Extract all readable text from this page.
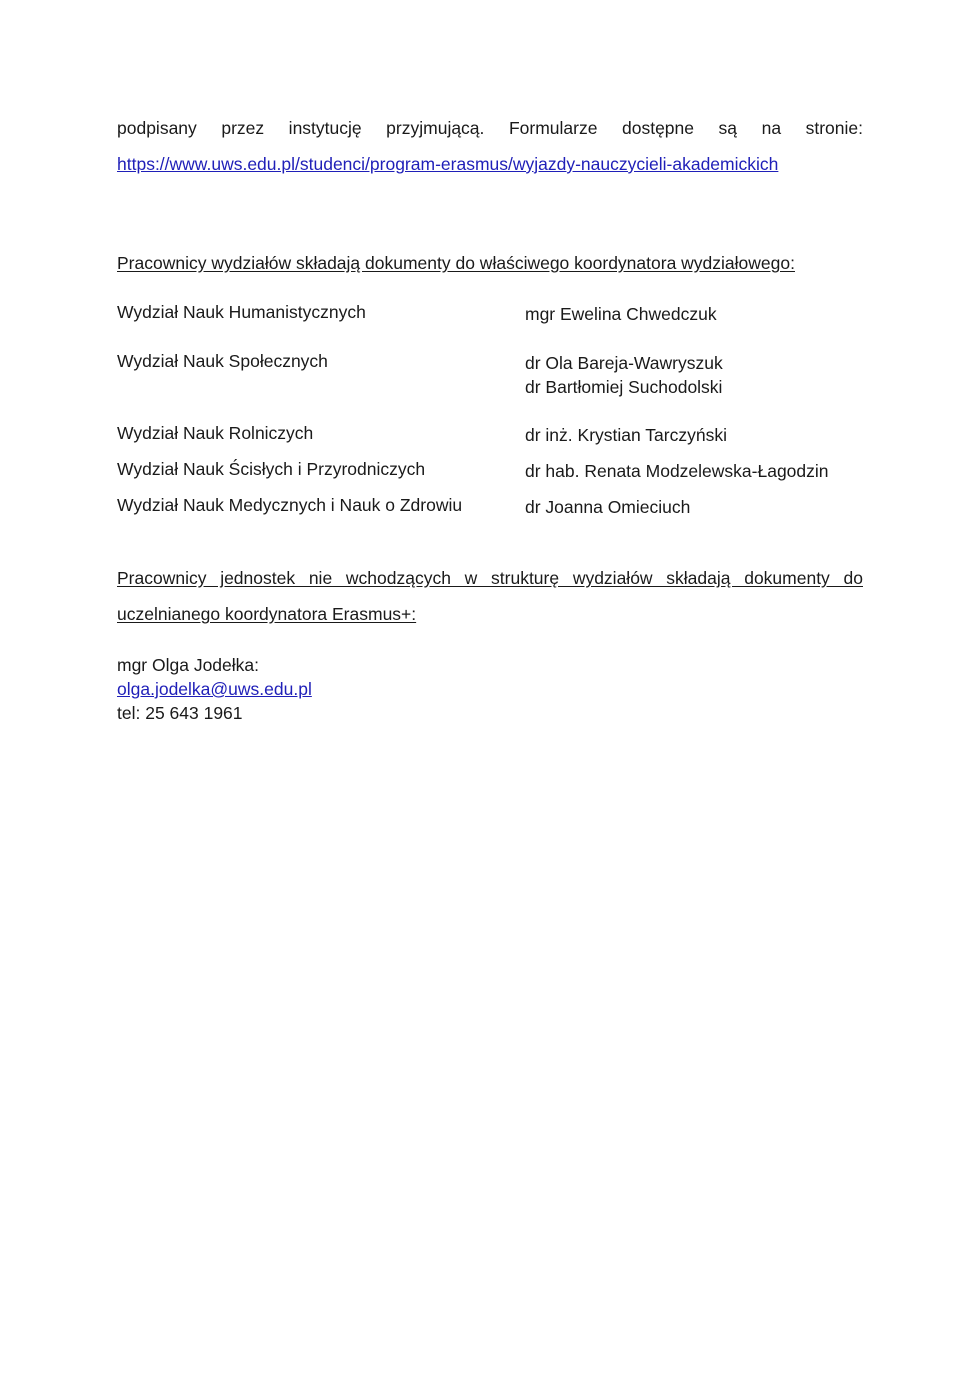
podpisany przez instytucję przyjmującą. Formularze dostępne są na stronie:
https://www.uws.edu.pl/studenci/program-erasmus/wyjazdy-nauczycieli-akademickich
Pracownicy wydziałów składają dokumenty do właściwego koordynatora wydziałowego:
Wydział Nauk Humanistycznych	mgr Ewelina Chwedczuk
Wydział Nauk Społecznych	dr Ola Bareja-Wawryszuk
dr Bartłomiej Suchodolski
Wydział Nauk Rolniczych	dr inż. Krystian Tarczyński
Wydział Nauk Ścisłych i Przyrodniczych	dr hab. Renata Modzelewska-Łagodzin
Wydział Nauk Medycznych i Nauk o Zdrowiu	dr Joanna Omieciuch
Pracownicy jednostek nie wchodzących w strukturę wydziałów składają dokumenty do
uczelnianego koordynatora Erasmus+:
mgr Olga Jodełka:
olga.jodelka@uws.edu.pl
tel: 25 643 1961
